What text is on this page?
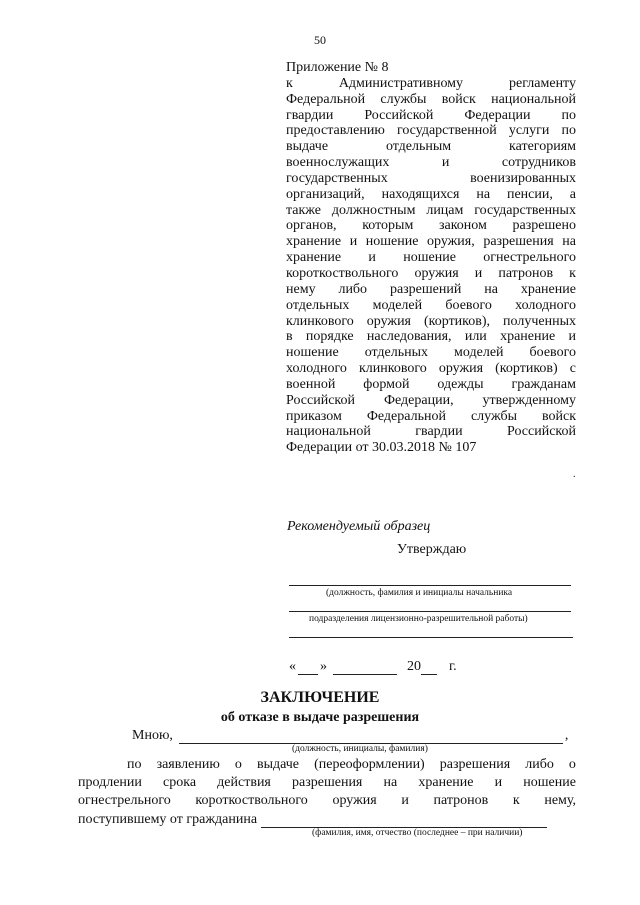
50
Приложение № 8
к	Административному	регламенту
Федеральной службы войск национальной
гвардии Российской Федерации по
предоставлению государственной услуги по
выдаче	отдельным	категориям
военнослужащих	и	сотрудников
государственных	военизированных
организаций, находящихся на пенсии, а
также должностным лицам государственных
органов, которым законом разрешено
хранение и ношение оружия, разрешения на
хранение и ношение огнестрельного
короткоствольного оружия и патронов к
нему либо разрешений на хранение
отдельных моделей боевого холодного
клинкового оружия (кортиков), полученных
в порядке наследования, или хранение и
ношение отдельных моделей боевого
холодного клинкового оружия (кортиков) с
военной формой одежды гражданам
Российской Федерации, утвержденному
приказом Федеральной службы войск
национальной	гвардии	Российской
Федерации от 30.03.2018 № 107
.
Рекомендуемый образец
Утверждаю
(должность, фамилия и инициалы начальника
подразделения лицензионно-разрешительной работы)
« »	20 г.
ЗАКЛЮЧЕНИЕ
об отказе в выдаче разрешения
Мною,	,
(должность, инициалы, фамилия)
по заявлению о выдаче (переоформлении) разрешения либо о
продлении срока действия разрешения на хранение и ношение
огнестрельного короткоствольного оружия и патронов к нему,
поступившему от гражданина
(фамилия, имя, отчество (последнее – при наличии)
